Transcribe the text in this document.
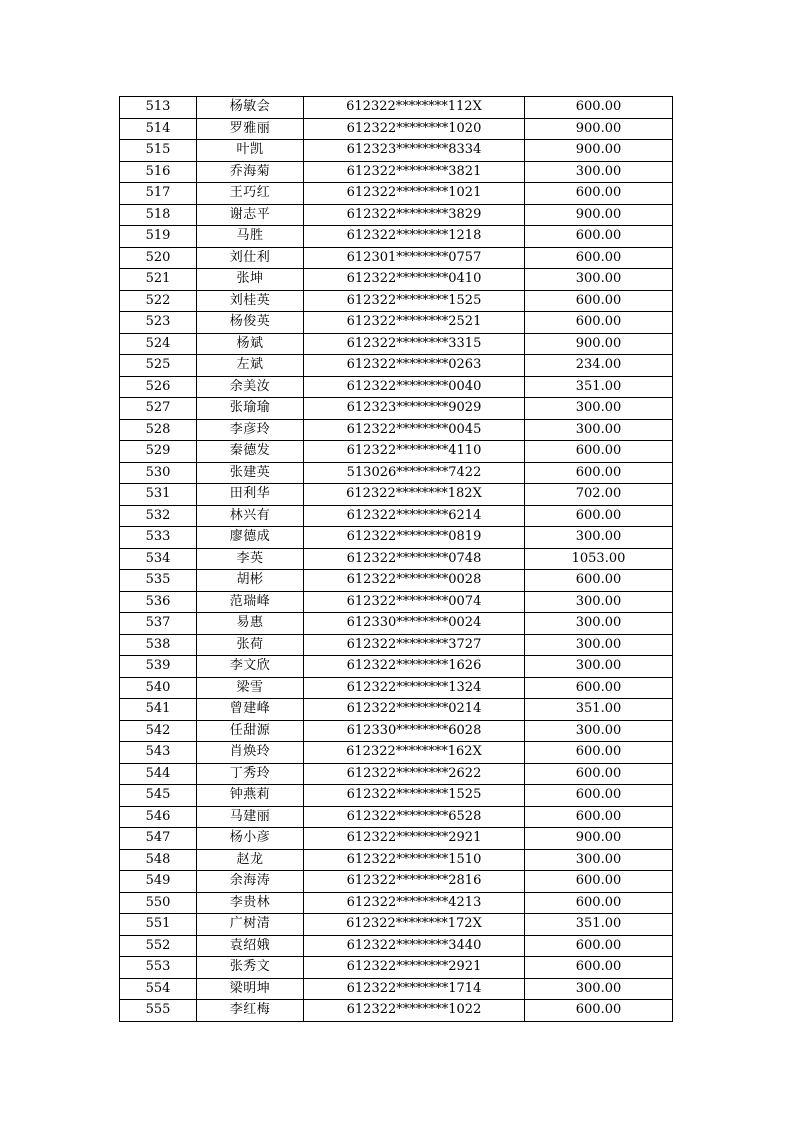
513	杨敏会	612322********112X	600.00
514	罗雅丽	612322********1020	900.00
515	叶凯	612323********8334	900.00
516	乔海菊	612322********3821	300.00
517	王巧红	612322********1021	600.00
518	谢志平	612322********3829	900.00
519	马胜	612322********1218	600.00
520	刘仕利	612301********0757	600.00
521	张坤	612322********0410	300.00
522	刘桂英	612322********1525	600.00
523	杨俊英	612322********2521	600.00
524	杨斌	612322********3315	900.00
525	左斌	612322********0263	234.00
526	余美汝	612322********0040	351.00
527	张瑜瑜	612323********9029	300.00
528	李彦玲	612322********0045	300.00
529	秦德发	612322********4110	600.00
530	张建英	513026********7422	600.00
531	田利华	612322********182X	702.00
532	林兴有	612322********6214	600.00
533	廖德成	612322********0819	300.00
534	李英	612322********0748	1053.00
535	胡彬	612322********0028	600.00
536	范瑞峰	612322********0074	300.00
537	易惠	612330********0024	300.00
538	张荷	612322********3727	300.00
539	李文欣	612322********1626	300.00
540	梁雪	612322********1324	600.00
541	曾建峰	612322********0214	351.00
542	任甜源	612330********6028	300.00
543	肖焕玲	612322********162X	600.00
544	丁秀玲	612322********2622	600.00
545	钟燕莉	612322********1525	600.00
546	马建丽	612322********6528	600.00
547	杨小彦	612322********2921	900.00
548	赵龙	612322********1510	300.00
549	余海涛	612322********2816	600.00
550	李贵林	612322********4213	600.00
551	广树清	612322********172X	351.00
552	袁绍娥	612322********3440	600.00
553	张秀文	612322********2921	600.00
554	梁明坤	612322********1714	300.00
555	李红梅	612322********1022	600.00
